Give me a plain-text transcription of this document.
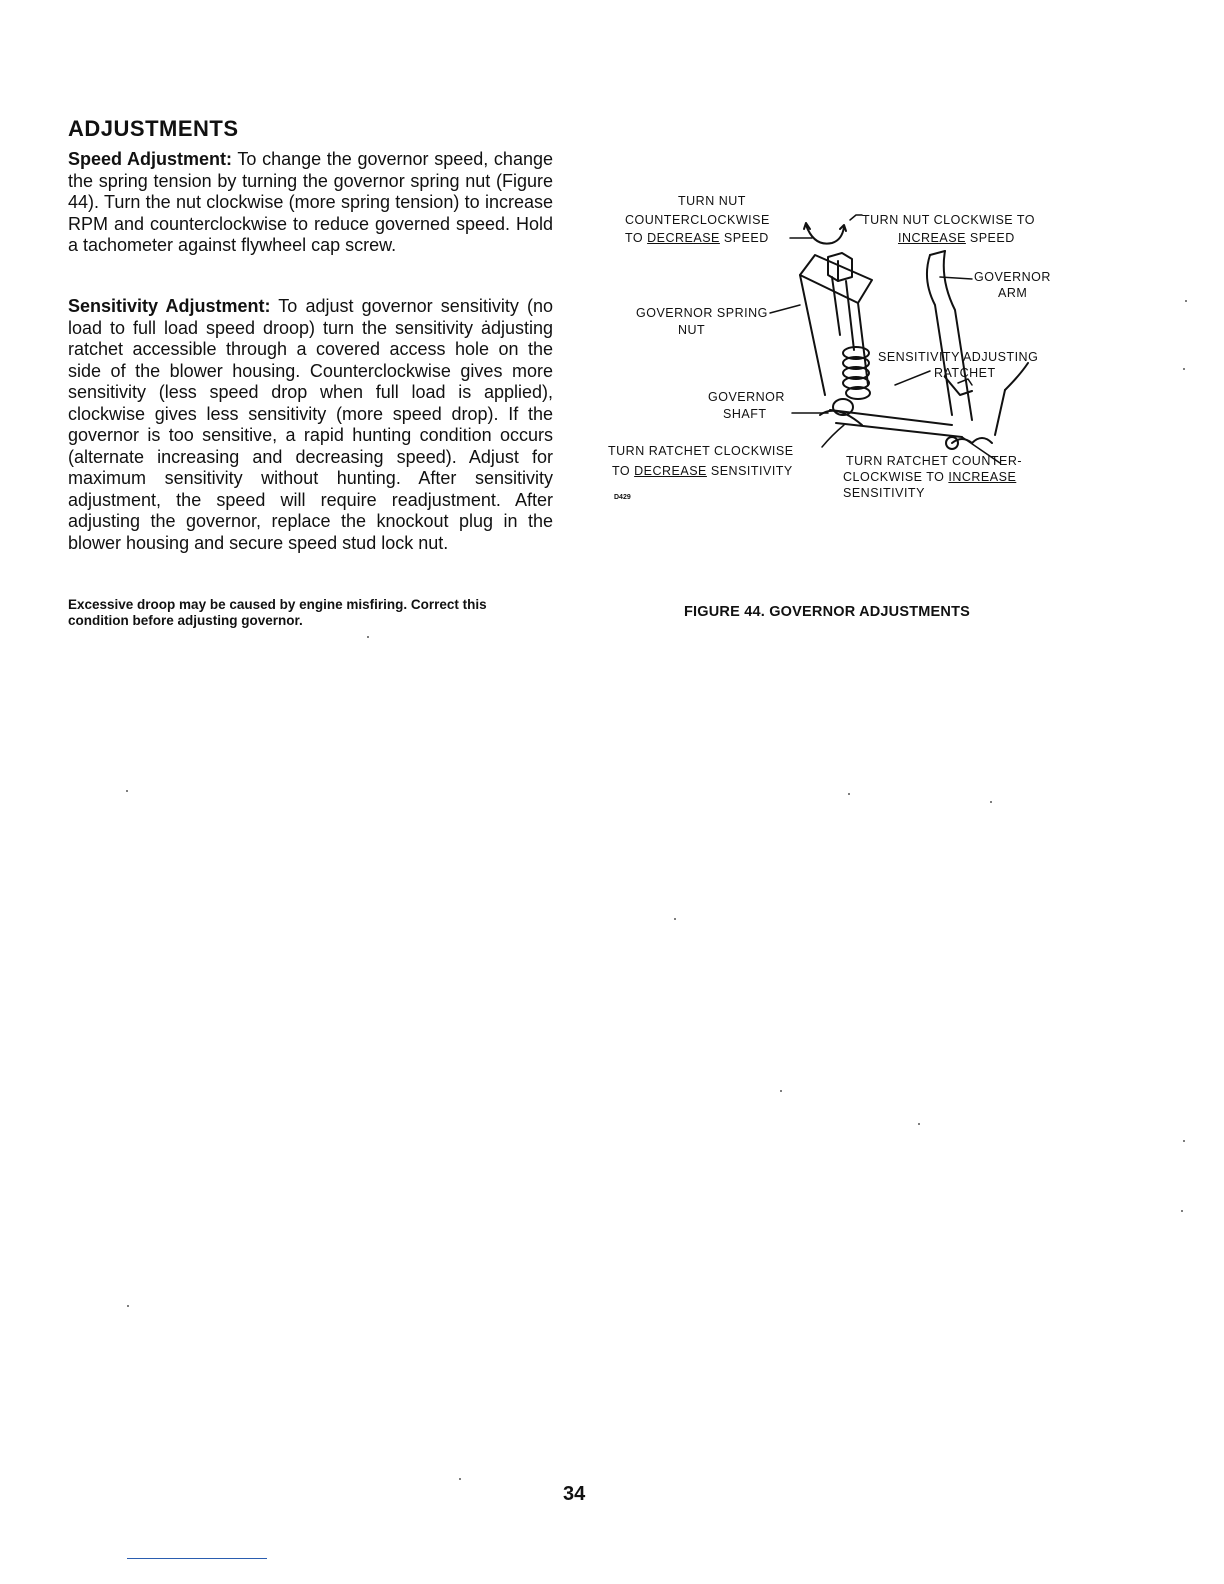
ADJUSTMENTS

Speed Adjustment: To change the governor speed, change the spring tension by turning the governor spring nut (Figure 44). Turn the nut clockwise (more spring tension) to increase RPM and counterclockwise to reduce governed speed. Hold a tachometer against flywheel cap screw.

Sensitivity Adjustment: To adjust governor sensitivity (no load to full load speed droop) turn the sensitivity ȧdjusting ratchet accessible through a covered access hole on the side of the blower housing. Counterclockwise gives more sensitivity (less speed drop when full load is applied), clockwise gives less sensitivity (more speed drop). If the governor is too sensitive, a rapid hunting condition occurs (alternate increasing and decreasing speed). Adjust for maximum sensitivity without hunting. After sensitivity adjustment, the speed will require readjustment. After adjusting the governor, replace the knockout plug in the blower housing and secure speed stud lock nut.

Excessive droop may be caused by engine misfiring. Correct this
condition before adjusting governor.
TURN NUT
COUNTERCLOCKWISE
TO DECREASE SPEED
TURN NUT CLOCKWISE TO
INCREASE SPEED
GOVERNOR
ARM
GOVERNOR SPRING
NUT
SENSITIVITY ADJUSTING
RATCHET
GOVERNOR
SHAFT
TURN RATCHET CLOCKWISE
TO DECREASE SENSITIVITY
TURN RATCHET COUNTER-
CLOCKWISE TO INCREASE
SENSITIVITY
D429
FIGURE 44. GOVERNOR ADJUSTMENTS
34
